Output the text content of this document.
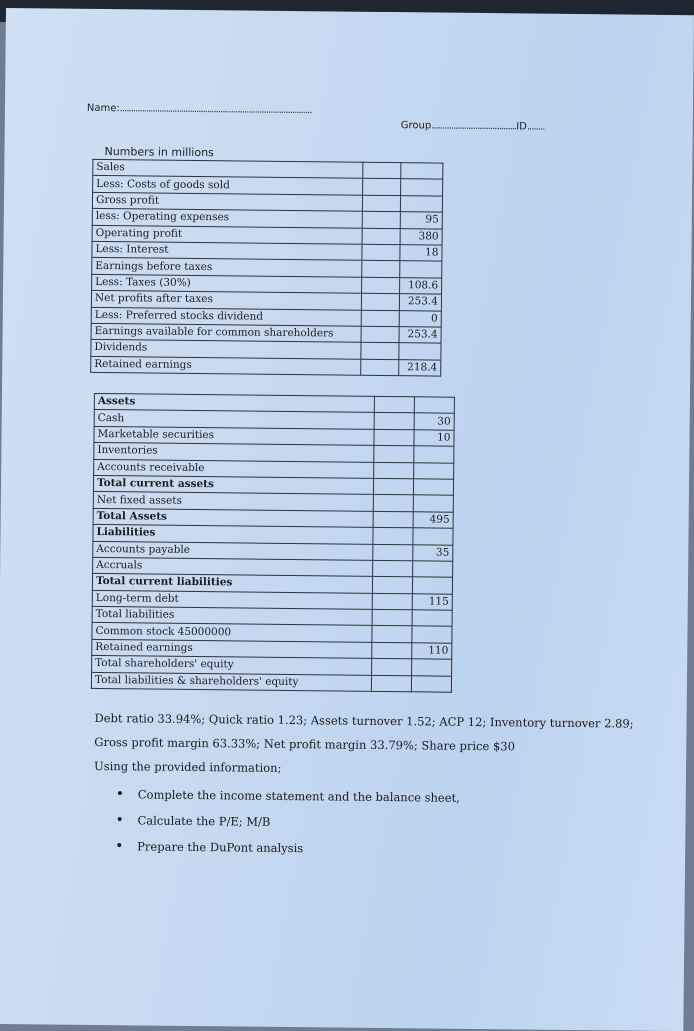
Name:........................................................................................
Group.......................................ID........
Numbers in millions
Sales		
Less: Costs of goods sold		
Gross profit		
less: Operating expenses		95
Operating profit		380
Less: Interest		18
Earnings before taxes		
Less: Taxes (30%)		108.6
Net profits after taxes		253.4
Less: Preferred stocks dividend		0
Earnings available for common shareholders		253.4
Dividends		
Retained earnings		218.4
Assets		
Cash		30
Marketable securities		10
Inventories		
Accounts receivable		
Total current assets		
Net fixed assets		
Total Assets		495
Liabilities		
Accounts payable		35
Accruals		
Total current liabilities		
Long-term debt		115
Total liabilities		
Common stock 45000000		
Retained earnings		110
Total shareholders' equity		
Total liabilities & shareholders' equity		
Debt ratio 33.94%; Quick ratio 1.23; Assets turnover 1.52; ACP 12; Inventory turnover 2.89;
Gross profit margin 63.33%; Net profit margin 33.79%; Share price $30
Using the provided information;
• Complete the income statement and the balance sheet,
• Calculate the P/E; M/B
• Prepare the DuPont analysis
